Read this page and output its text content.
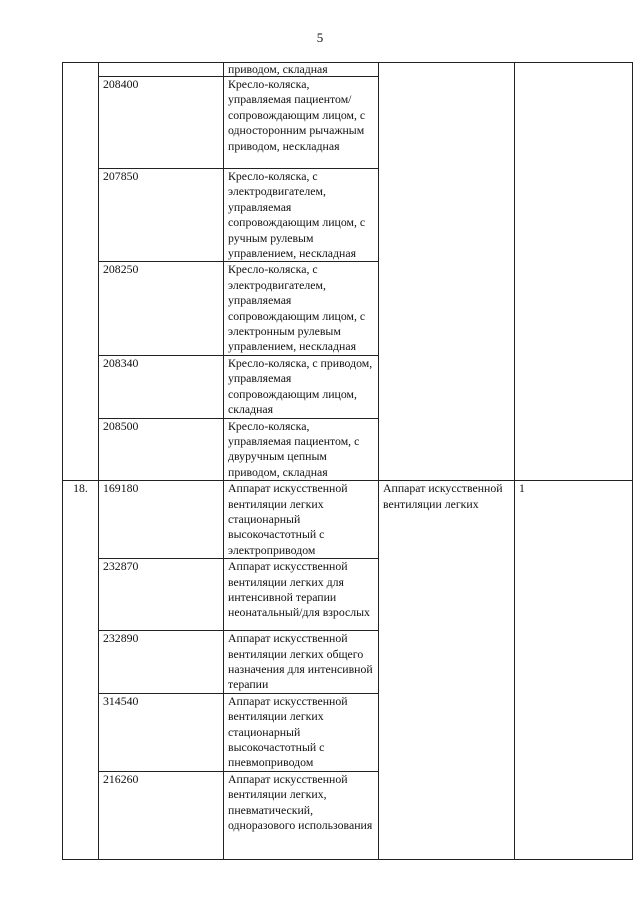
5
		приводом, складная		
	208400	Кресло-коляска, управляемая пациентом/ сопровождающим лицом, с односторонним рычажным приводом, нескладная		
	207850	Кресло-коляска, с электродвигателем, управляемая сопровождающим лицом, с ручным рулевым управлением, нескладная		
	208250	Кресло-коляска, с электродвигателем, управляемая сопровождающим лицом, с электронным рулевым управлением, нескладная		
	208340	Кресло-коляска, с приводом, управляемая сопровождающим лицом, складная		
	208500	Кресло-коляска, управляемая пациентом, с двуручным цепным приводом, складная		
18.	169180	Аппарат искусственной вентиляции легких стационарный высокочастотный с электроприводом	Аппарат искусственной вентиляции легких	1
	232870	Аппарат искусственной вентиляции легких для интенсивной терапии неонатальный/для взрослых		
	232890	Аппарат искусственной вентиляции легких общего назначения для интенсивной терапии		
	314540	Аппарат искусственной вентиляции легких стационарный высокочастотный с пневмоприводом		
	216260	Аппарат искусственной вентиляции легких, пневматический, одноразового использования		
